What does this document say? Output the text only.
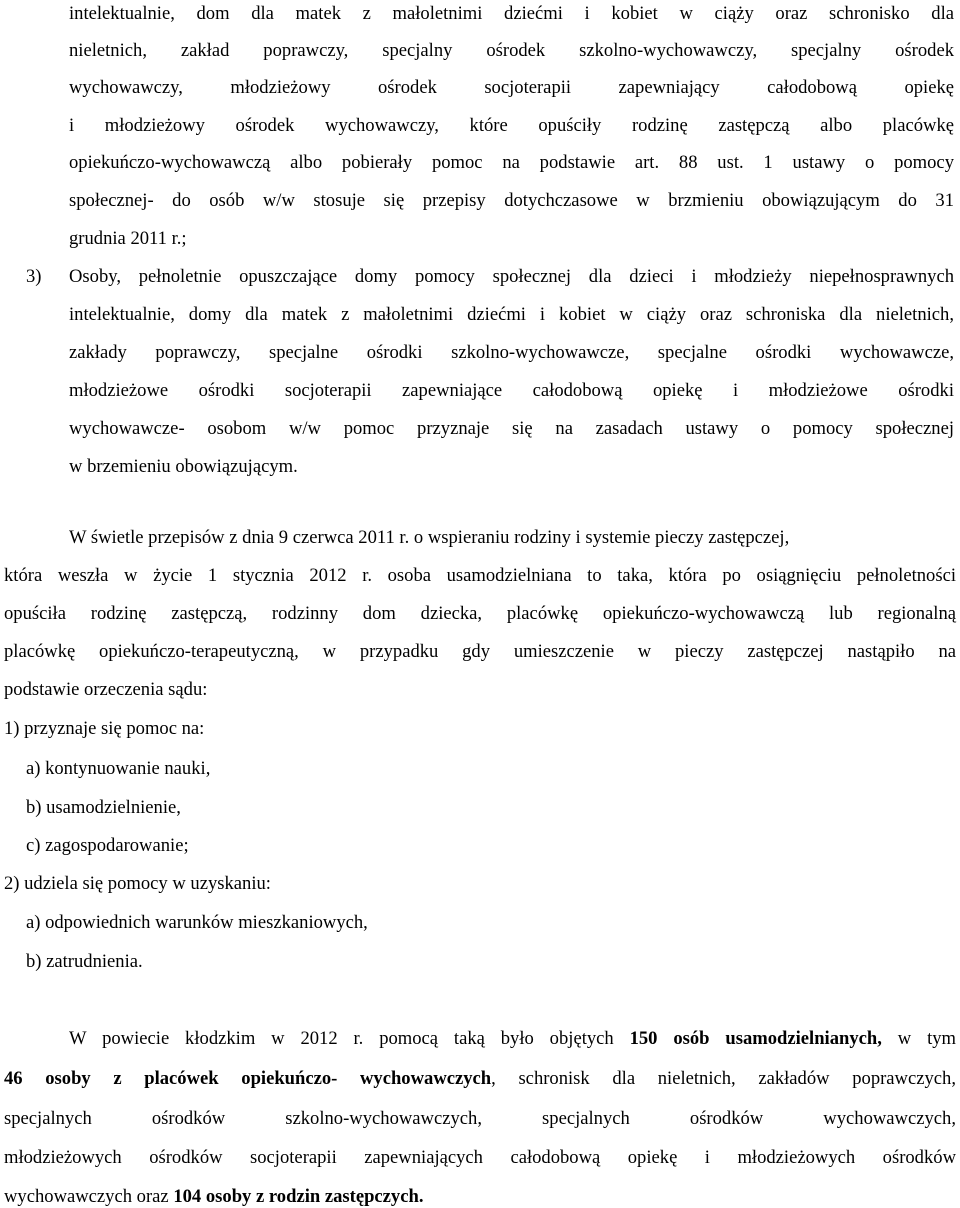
intelektualnie, dom dla matek z małoletnimi dziećmi i kobiet w ciąży oraz schronisko dla
nieletnich, zakład poprawczy, specjalny ośrodek szkolno-wychowawczy, specjalny ośrodek
wychowawczy, młodzieżowy ośrodek socjoterapii zapewniający całodobową opiekę
i młodzieżowy ośrodek wychowawczy, które opuściły rodzinę zastępczą albo placówkę
opiekuńczo-wychowawczą albo pobierały pomoc na podstawie art. 88 ust. 1 ustawy o pomocy
społecznej- do osób w/w stosuje się przepisy dotychczasowe w brzmieniu obowiązującym do 31
grudnia 2011 r.;
3) Osoby, pełnoletnie opuszczające domy pomocy społecznej dla dzieci i młodzieży niepełnosprawnych
intelektualnie, domy dla matek z małoletnimi dziećmi i kobiet w ciąży oraz schroniska dla nieletnich,
zakłady poprawczy, specjalne ośrodki szkolno-wychowawcze, specjalne ośrodki wychowawcze,
młodzieżowe ośrodki socjoterapii zapewniające całodobową opiekę i młodzieżowe ośrodki
wychowawcze- osobom w/w pomoc przyznaje się na zasadach ustawy o pomocy społecznej
w brzemieniu obowiązującym.
W świetle przepisów z dnia 9 czerwca 2011 r. o wspieraniu rodziny i systemie pieczy zastępczej,
która weszła w życie 1 stycznia 2012 r. osoba usamodzielniana to taka, która po osiągnięciu pełnoletności
opuściła rodzinę zastępczą, rodzinny dom dziecka, placówkę opiekuńczo-wychowawczą lub regionalną
placówkę opiekuńczo-terapeutyczną, w przypadku gdy umieszczenie w pieczy zastępczej nastąpiło na
podstawie orzeczenia sądu:
1) przyznaje się pomoc na:
a) kontynuowanie nauki,
b) usamodzielnienie,
c) zagospodarowanie;
2) udziela się pomocy w uzyskaniu:
a) odpowiednich warunków mieszkaniowych,
b) zatrudnienia.
W powiecie kłodzkim w 2012 r. pomocą taką było objętych 150 osób usamodzielnianych, w tym
46 osoby z placówek opiekuńczo- wychowawczych, schronisk dla nieletnich, zakładów poprawczych,
specjalnych ośrodków szkolno-wychowawczych, specjalnych ośrodków wychowawczych,
młodzieżowych ośrodków socjoterapii zapewniających całodobową opiekę i młodzieżowych ośrodków
wychowawczych oraz 104 osoby z rodzin zastępczych.
